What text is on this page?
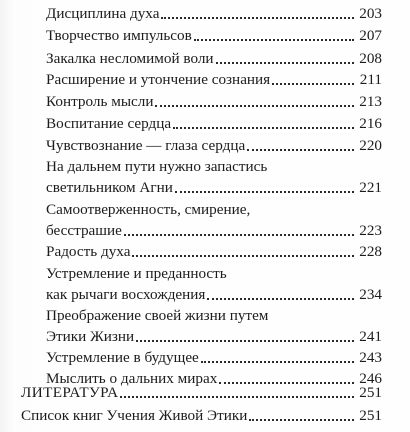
Дисциплина духа	203
Творчество импульсов	207
Закалка несломимой воли	208
Расширение и утончение сознания	211
Контроль мысли	213
Воспитание сердца	216
Чувствознание — глаза сердца	220
На дальнем пути нужно запастись
светильником Агни	221
Самоотверженность, смирение,
бесстрашие	223
Радость духа	228
Устремление и преданность
как рычаги восхождения	234
Преображение своей жизни путем
Этики Жизни	241
Устремление в будущее	243
Мыслить о дальних мирах	246
ЛИТЕРАТУРА	251
Список книг Учения Живой Этики	251
